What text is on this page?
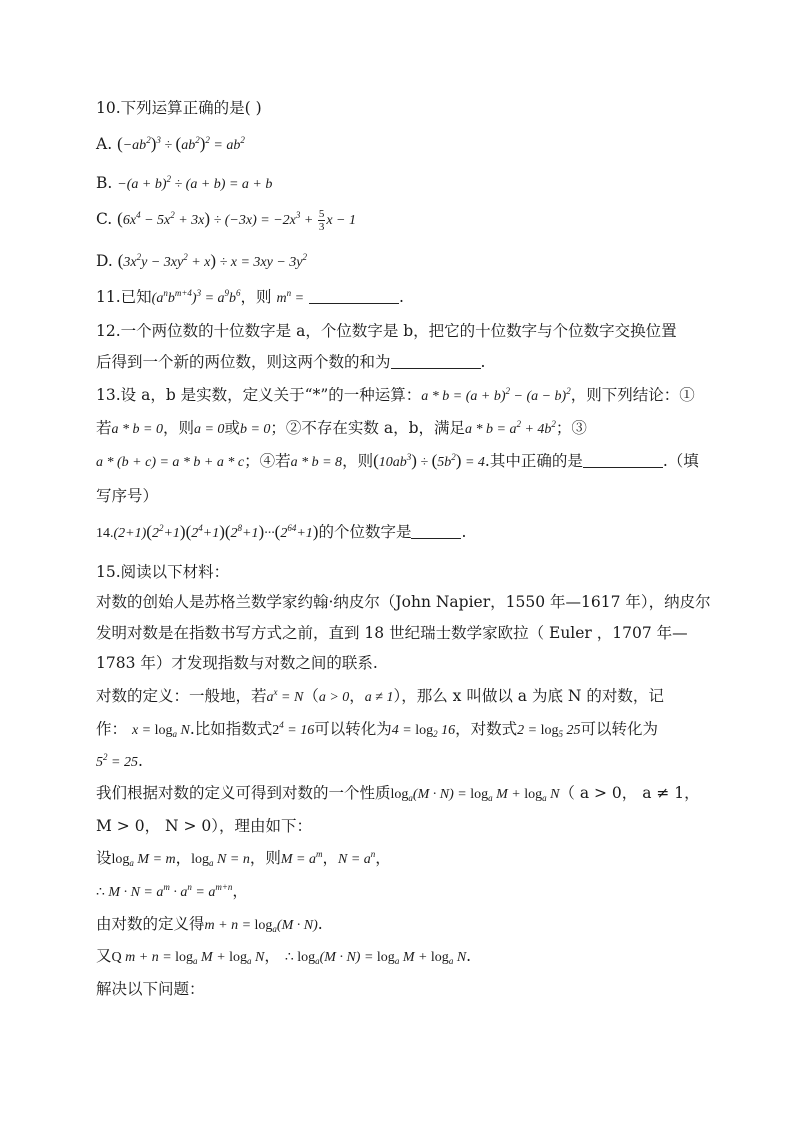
10.下列运算正确的是( )
A. $(-ab^2)^3 \div (ab^2)^2 = ab^2$
B. $-(a + b)^2 \div (a + b) = a + b$
C. $(6x^4 - 5x^2 + 3x) \div (-3x) = -2x^3 + \frac{5}{3}$ x − 1
D. $(3x^2y - 3xy^2 + x) \div x = 3xy - 3y^2$
11.已知$(a^nb^{m+4})^3 = a^9b^6$，则 $m^n$ =	.
12.一个两位数的十位数字是 a，个位数字是 b，把它的十位数字与个位数字交换位置
后得到一个新的两位数，则这两个数的和为	.
13.设 a，b 是实数，定义关于“*”的一种运算：$a * b = (a + b)^2 - (a - b)^2$，则下列结论：①
若a * b = 0，则a = 0或b = 0；②不存在实数 a，b，满足$a * b = a^2 + 4b^2$；③
a * (b + c) = a * b + a * c；④若a * b = 8，则$(10ab^3) \div (5b^2) = 4$.其中正确的是	.（填
写序号）
$14.(2+1)(2^2+1)(2^4+1)(2^8+1)\cdot\cdot\cdot(2^{64}+1)$的个位数字是	.
15.阅读以下材料：
对数的创始人是苏格兰数学家约翰·纳皮尔（John Napier，1550 年—1617 年），纳皮尔
发明对数是在指数书写方式之前，直到 18 世纪瑞士数学家欧拉（ Euler ，1707 年—
1783 年）才发现指数与对数之间的联系.
对数的定义：一般地，若$a^x = N(a > 0$，a ≠ 1），那么 x 叫做以 a 为底 N 的对数，记
作： $x = \log_a N$.比如指数式$2^4 = 16$可以转化为$4 = \log_2 16$，对数式$2 = \log_5 25$可以转化为
$5^2 = 25$.
我们根据对数的定义可得到对数的一个性质$\log_a(M \cdot N) = \log_a M + \log_a N$（ a > 0， a ≠ 1，
M > 0， N > 0），理由如下：
设$\log_a M = m$，$\log_a N = n$，则$M = a^m$，$N = a^n$，
∴ $M \cdot N = a^m \cdot a^n = a^{m+n}$，
由对数的定义得$m + n = \log_a(M \cdot N)$.
又Q $m + n = \log_a M + \log_a N$， ∴ $\log_a(M \cdot N) = \log_a M + \log_a N$.
解决以下问题：
